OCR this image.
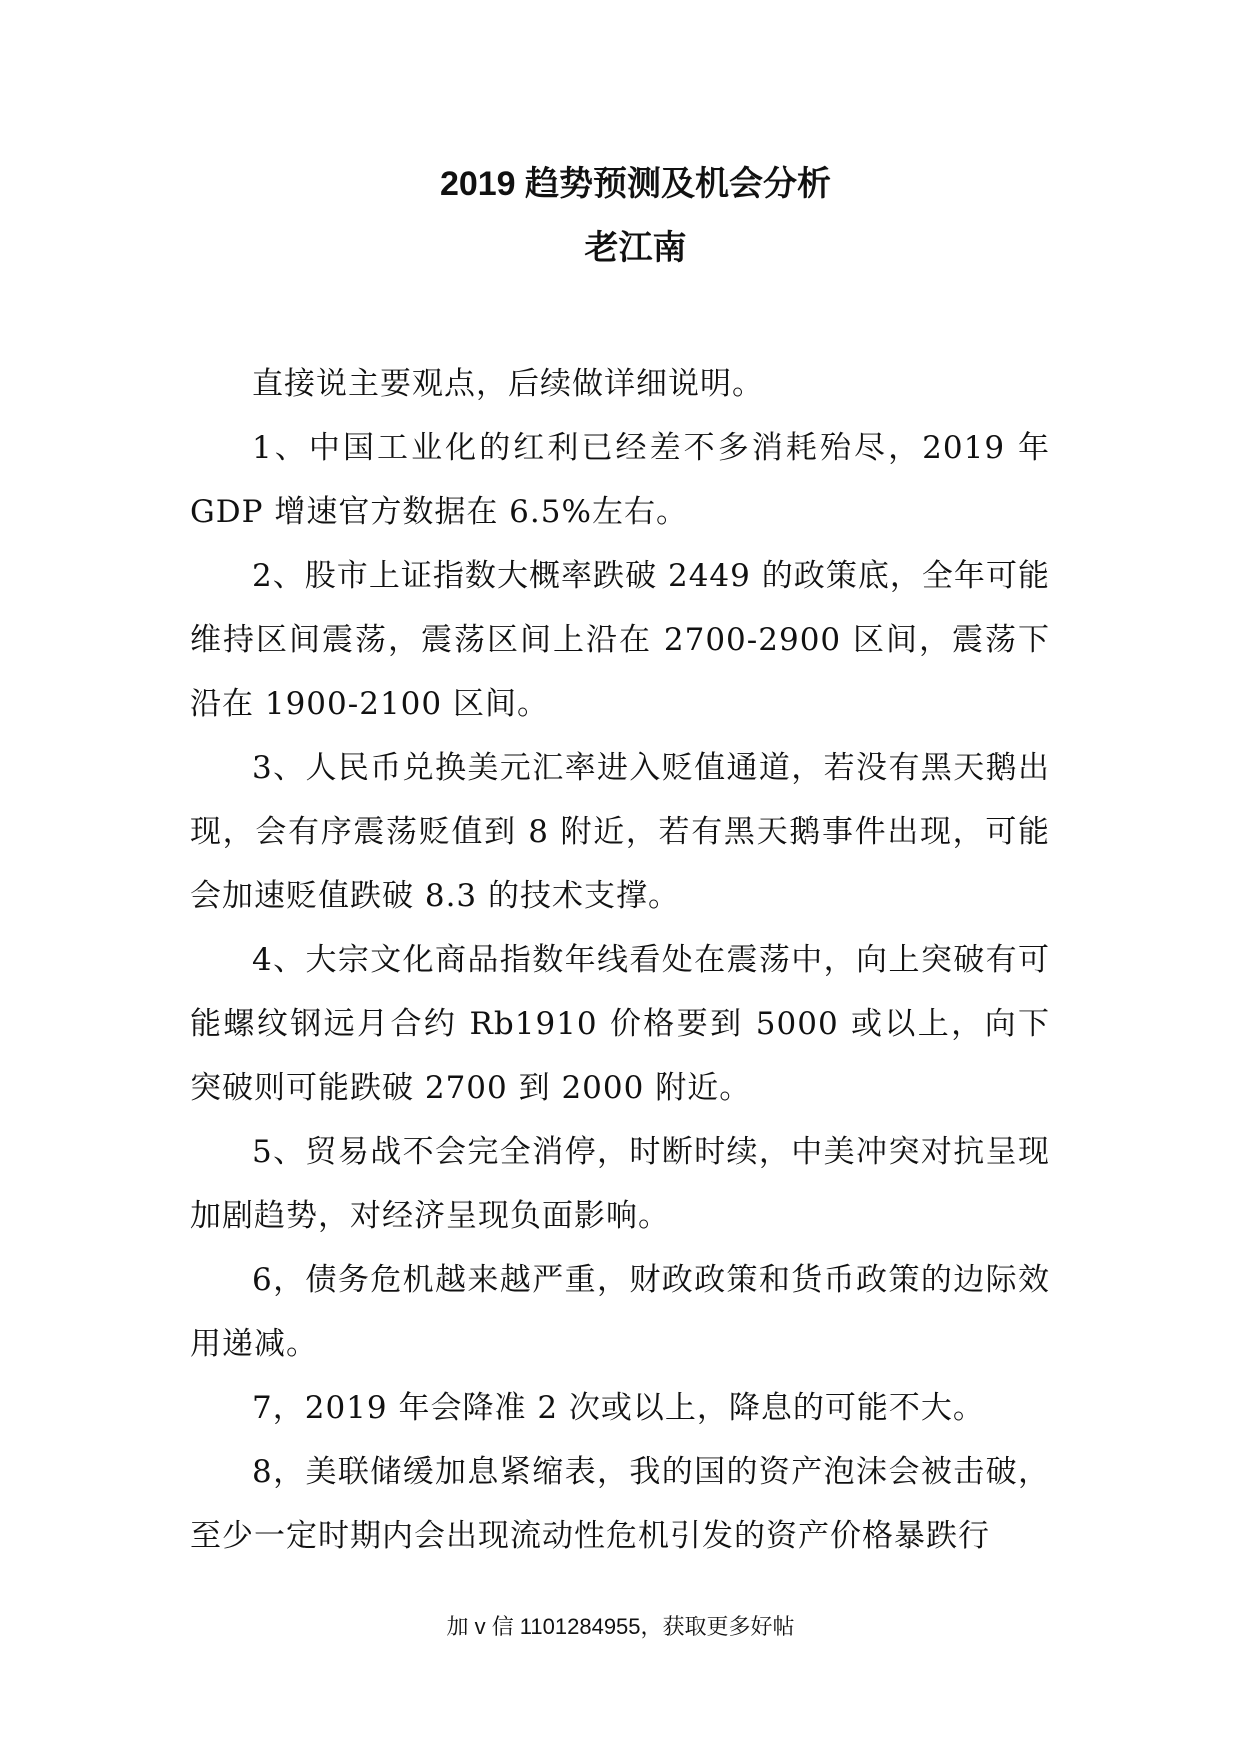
2019 趋势预测及机会分析
老江南

直接说主要观点，后续做详细说明。

1、中国工业化的红利已经差不多消耗殆尽，2019 年 GDP 增速官方数据在 6.5%左右。

2、股市上证指数大概率跌破 2449 的政策底，全年可能维持区间震荡，震荡区间上沿在 2700-2900 区间，震荡下沿在 1900-2100 区间。

3、人民币兑换美元汇率进入贬值通道，若没有黑天鹅出现，会有序震荡贬值到 8 附近，若有黑天鹅事件出现，可能会加速贬值跌破 8.3 的技术支撑。

4、大宗文化商品指数年线看处在震荡中，向上突破有可能螺纹钢远月合约 Rb1910 价格要到 5000 或以上，向下突破则可能跌破 2700 到 2000 附近。

5、贸易战不会完全消停，时断时续，中美冲突对抗呈现加剧趋势，对经济呈现负面影响。

6，债务危机越来越严重，财政政策和货币政策的边际效用递减。

7，2019 年会降准 2 次或以上，降息的可能不大。

8，美联储缓加息紧缩表，我的国的资产泡沫会被击破，至少一定时期内会出现流动性危机引发的资产价格暴跌行

加 v 信 1101284955，获取更多好帖
